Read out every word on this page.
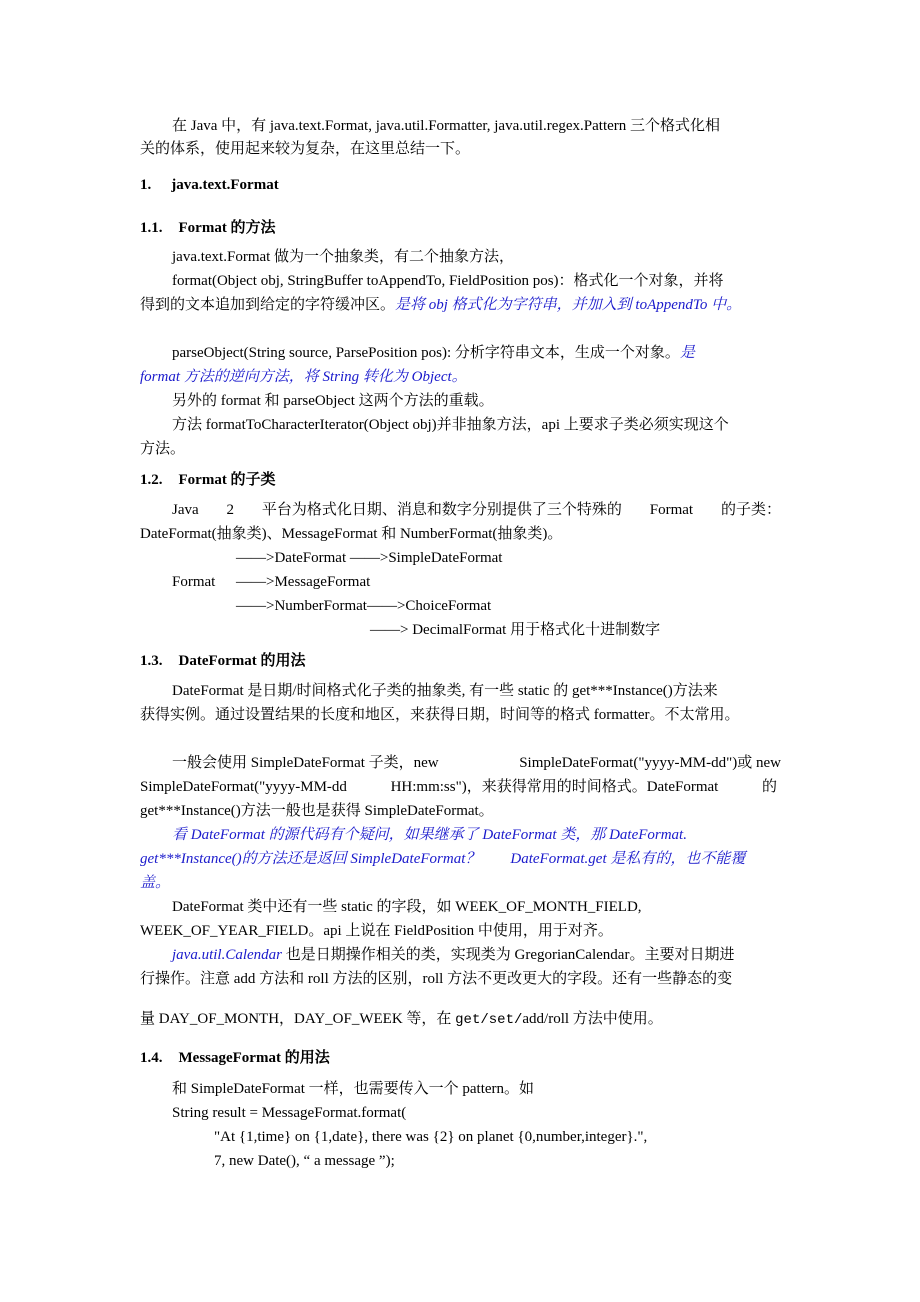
在 Java 中，有 java.text.Format, java.util.Formatter, java.util.regex.Pattern 三个格式化相
关的体系，使用起来较为复杂，在这里总结一下。
1. java.text.Format
1.1. Format 的方法
java.text.Format 做为一个抽象类，有二个抽象方法，
format(Object obj, StringBuffer toAppendTo, FieldPosition pos)：格式化一个对象，并将
得到的文本追加到给定的字符缓冲区。是将 obj 格式化为字符串，并加入到 toAppendTo 中。
parseObject(String source, ParsePosition pos): 分析字符串文本，生成一个对象。是
format 方法的逆向方法，将 String 转化为 Object。
另外的 format 和 parseObject 这两个方法的重载。
方法 formatToCharacterIterator(Object obj)并非抽象方法，api 上要求子类必须实现这个
方法。
1.2. Format 的子类
Java 2 平台为格式化日期、消息和数字分别提供了三个特殊的 Format 的子类：
DateFormat(抽象类)、MessageFormat 和 NumberFormat(抽象类)。
——>DateFormat ——>SimpleDateFormat
Format ——>MessageFormat
——>NumberFormat——>ChoiceFormat
——> DecimalFormat 用于格式化十进制数字
1.3. DateFormat 的用法
DateFormat 是日期/时间格式化子类的抽象类, 有一些 static 的 get***Instance()方法来
获得实例。通过设置结果的长度和地区，来获得日期，时间等的格式 formatter。不太常用。
一般会使用 SimpleDateFormat 子类，new	SimpleDateFormat("yyyy-MM-dd")或 new
SimpleDateFormat("yyyy-MM-dd	HH:mm:ss")，来获得常用的时间格式。DateFormat	的
get***Instance()方法一般也是获得 SimpleDateFormat。
看 DateFormat 的源代码有个疑问，如果继承了 DateFormat 类，那 DateFormat.
get***Instance()的方法还是返回 SimpleDateFormat？ DateFormat.get 是私有的，也不能覆
盖。
DateFormat 类中还有一些 static 的字段，如 WEEK_OF_MONTH_FIELD,
WEEK_OF_YEAR_FIELD。api 上说在 FieldPosition 中使用，用于对齐。
java.util.Calendar 也是日期操作相关的类，实现类为 GregorianCalendar。主要对日期进
行操作。注意 add 方法和 roll 方法的区别，roll 方法不更改更大的字段。还有一些静态的变
量 DAY_OF_MONTH，DAY_OF_WEEK 等，在 get/set/add/roll 方法中使用。
1.4. MessageFormat 的用法
和 SimpleDateFormat 一样，也需要传入一个 pattern。如
String result = MessageFormat.format(
"At {1,time} on {1,date}, there was {2} on planet {0,number,integer}.",
7, new Date(), “ a message ”);
